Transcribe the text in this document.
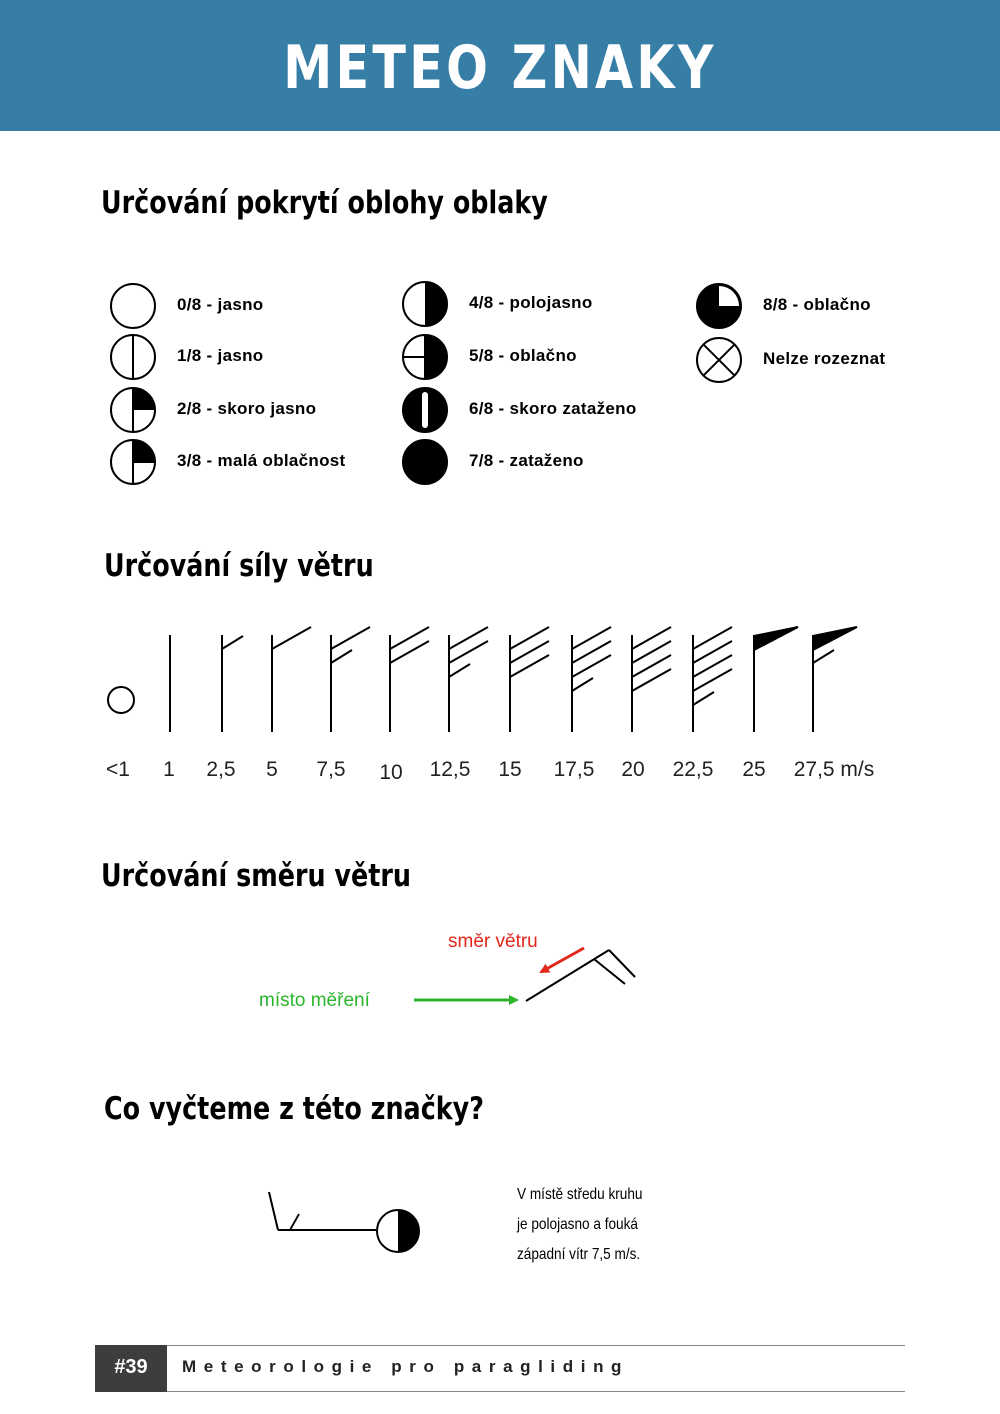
METEO ZNAKY
Určování pokrytí oblohy oblaky
0/8 - jasno
1/8 - jasno
2/8 - skoro jasno
3/8 - malá oblačnost
4/8 - polojasno
5/8 - oblačno
6/8 - skoro zataženo
7/8 - zataženo
8/8 - oblačno
Nelze rozeznat
Určování síly větru
<1 1 2,5 5 7,5 10 12,5 15 17,5 20 22,5 25 27,5 m/s
Určování směru větru
směr větru
místo měření
Co vyčteme z této značky?
V místě středu kruhu
je polojasno a fouká
západní vítr 7,5 m/s.
#39	Meteorologie pro paragliding
